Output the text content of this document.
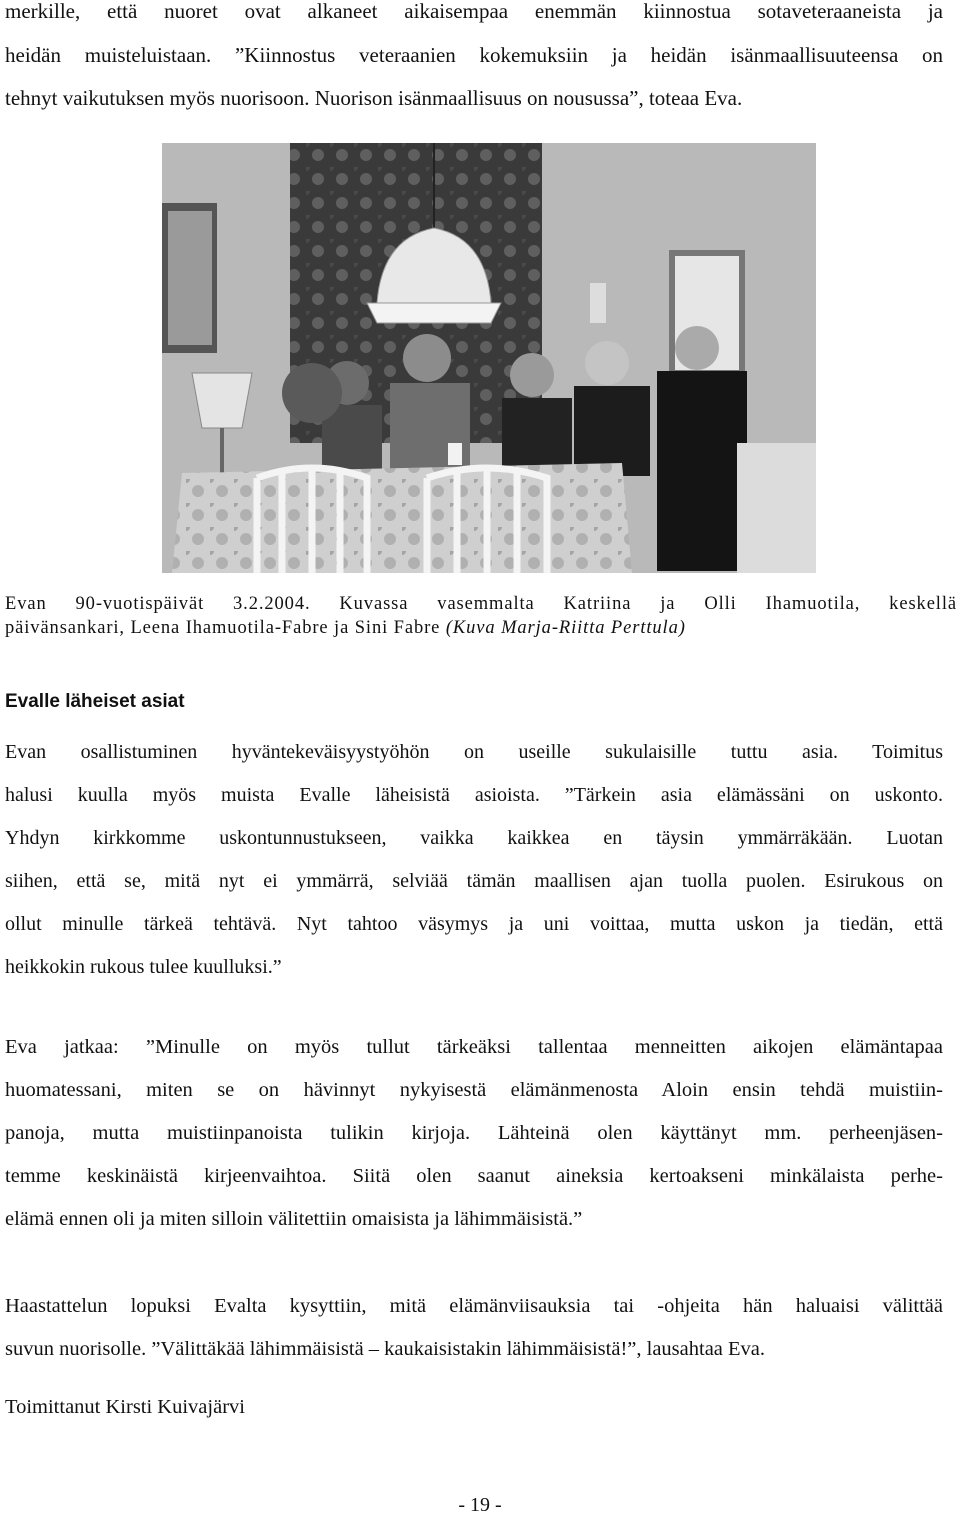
merkille, että nuoret ovat alkaneet aikaisempaa enemmän kiinnostua sotaveteraaneista ja
heidän muisteluistaan. ”Kiinnostus veteraanien kokemuksiin ja heidän isänmaallisuuteensa on
tehnyt vaikutuksen myös nuorisoon. Nuorison isänmaallisuus on nousussa”, toteaa Eva.
Evan 90-vuotispäivät 3.2.2004. Kuvassa vasemmalta Katriina ja Olli Ihamuotila, keskellä
päivänsankari, Leena Ihamuotila-Fabre ja Sini Fabre (Kuva Marja-Riitta Perttula)
Evalle läheiset asiat
Evan osallistuminen hyväntekeväisyystyöhön on useille sukulaisille tuttu asia. Toimitus
halusi kuulla myös muista Evalle läheisistä asioista. ”Tärkein asia elämässäni on uskonto.
Yhdyn kirkkomme uskontunnustukseen, vaikka kaikkea en täysin ymmärräkään. Luotan
siihen, että se, mitä nyt ei ymmärrä, selviää tämän maallisen ajan tuolla puolen. Esirukous on
ollut minulle tärkeä tehtävä. Nyt tahtoo väsymys ja uni voittaa, mutta uskon ja tiedän, että
heikkokin rukous tulee kuulluksi.”
Eva jatkaa: ”Minulle on myös tullut tärkeäksi tallentaa menneitten aikojen elämäntapaa
huomatessani, miten se on hävinnyt nykyisestä elämänmenosta Aloin ensin tehdä muistiin-
panoja, mutta muistiinpanoista tulikin kirjoja. Lähteinä olen käyttänyt mm. perheenjäsen-
temme keskinäistä kirjeenvaihtoa. Siitä olen saanut aineksia kertoakseni minkälaista perhe-
elämä ennen oli ja miten silloin välitettiin omaisista ja lähimmäisistä.”
Haastattelun lopuksi Evalta kysyttiin, mitä elämänviisauksia tai -ohjeita hän haluaisi välittää
suvun nuorisolle. ”Välittäkää lähimmäisistä – kaukaisistakin lähimmäisistä!”, lausahtaa Eva.
Toimittanut Kirsti Kuivajärvi
- 19 -
